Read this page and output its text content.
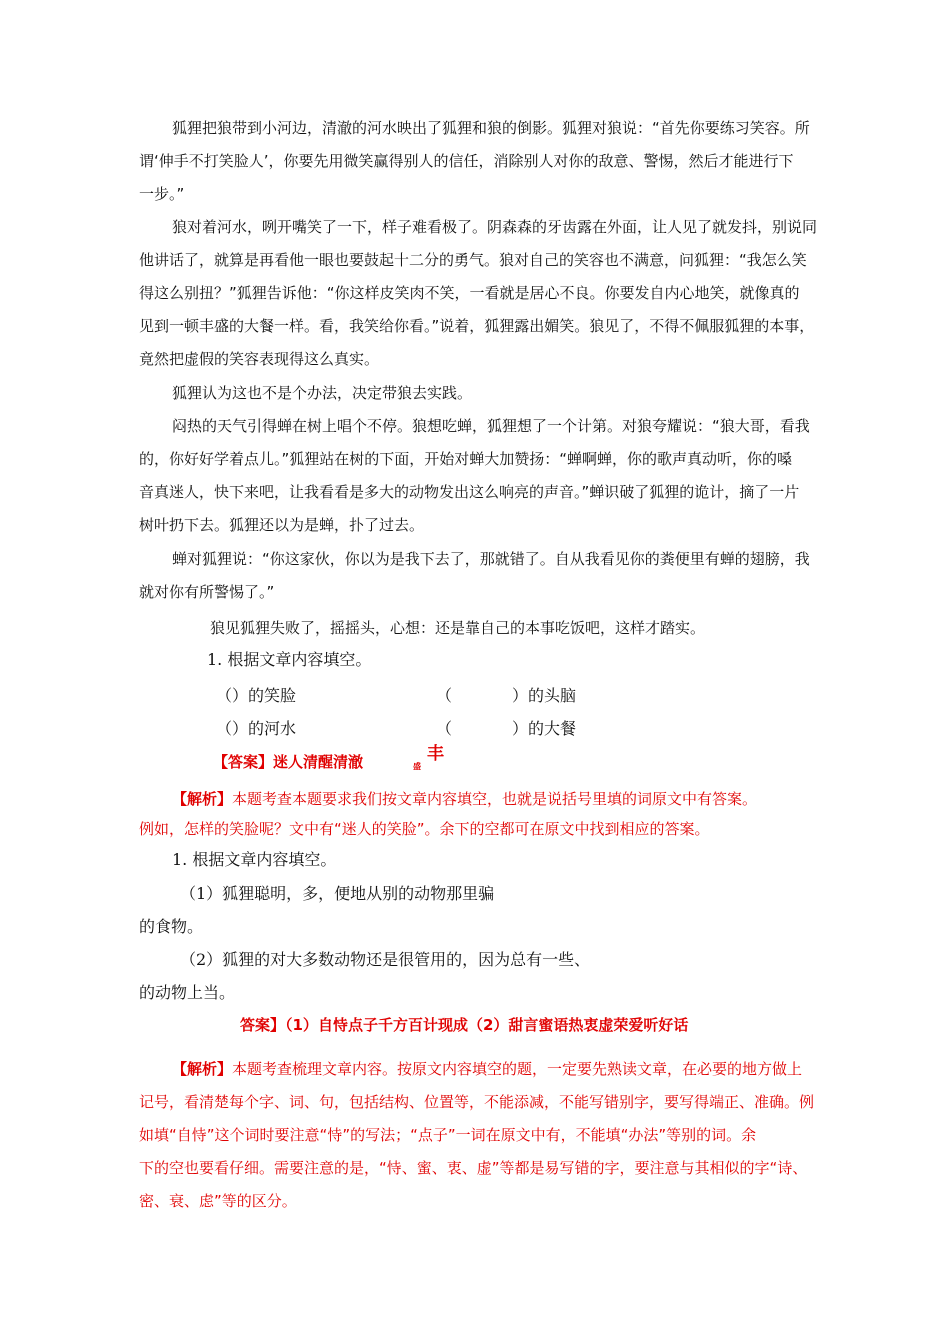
狐狸把狼带到小河边，清澈的河水映出了狐狸和狼的倒影。狐狸对狼说：“首先你要练习笑容。所
谓‘伸手不打笑脸人’，你要先用微笑赢得别人的信任，消除别人对你的敌意、警惕，然后才能进行下
一步。”
狼对着河水，咧开嘴笑了一下，样子难看极了。阴森森的牙齿露在外面，让人见了就发抖，别说同
他讲话了，就算是再看他一眼也要鼓起十二分的勇气。狼对自己的笑容也不满意，问狐狸：“我怎么笑
得这么别扭？”狐狸告诉他：“你这样皮笑肉不笑，一看就是居心不良。你要发自内心地笑，就像真的
见到一顿丰盛的大餐一样。看，我笑给你看。”说着，狐狸露出媚笑。狼见了，不得不佩服狐狸的本事，
竟然把虚假的笑容表现得这么真实。
狐狸认为这也不是个办法，决定带狼去实践。
闷热的天气引得蝉在树上唱个不停。狼想吃蝉，狐狸想了一个计第。对狼夸耀说：“狼大哥，看我
的，你好好学着点儿。”狐狸站在树的下面，开始对蝉大加赞扬：“蝉啊蝉，你的歌声真动听，你的嗓
音真迷人，快下来吧，让我看看是多大的动物发出这么响亮的声音。”蝉识破了狐狸的诡计，摘了一片
树叶扔下去。狐狸还以为是蝉，扑了过去。
蝉对狐狸说：“你这家伙，你以为是我下去了，那就错了。自从我看见你的粪便里有蝉的翅膀，我
就对你有所警惕了。”
狼见狐狸失败了，摇摇头，心想：还是靠自己的本事吃饭吧，这样才踏实。
1. 根据文章内容填空。
（）的笑脸	（	）的头脑
（）的河水	（	）的大餐
【答案】迷人清醒清澈	丰
盛
【解析】本题考查本题要求我们按文章内容填空，也就是说括号里填的词原文中有答案。
例如，怎样的笑脸呢？文中有“迷人的笑脸”。余下的空都可在原文中找到相应的答案。
1. 根据文章内容填空。
（1）狐狸聪明，多，便地从别的动物那里骗
的食物。
（2）狐狸的对大多数动物还是很管用的，因为总有一些、
的动物上当。
答案】（1）自恃点子千方百计现成（2）甜言蜜语热衷虚荣爱听好话
【解析】本题考查梳理文章内容。按原文内容填空的题，一定要先熟读文章，在必要的地方做上
记号，看清楚每个字、词、句，包括结构、位置等，不能添减，不能写错别字，要写得端正、准确。例
如填“自恃”这个词时要注意“恃”的写法；“点子”一词在原文中有，不能填“办法”等别的词。余
下的空也要看仔细。需要注意的是，“恃、蜜、衷、虚”等都是易写错的字，要注意与其相似的字“诗、
密、衰、虑”等的区分。
